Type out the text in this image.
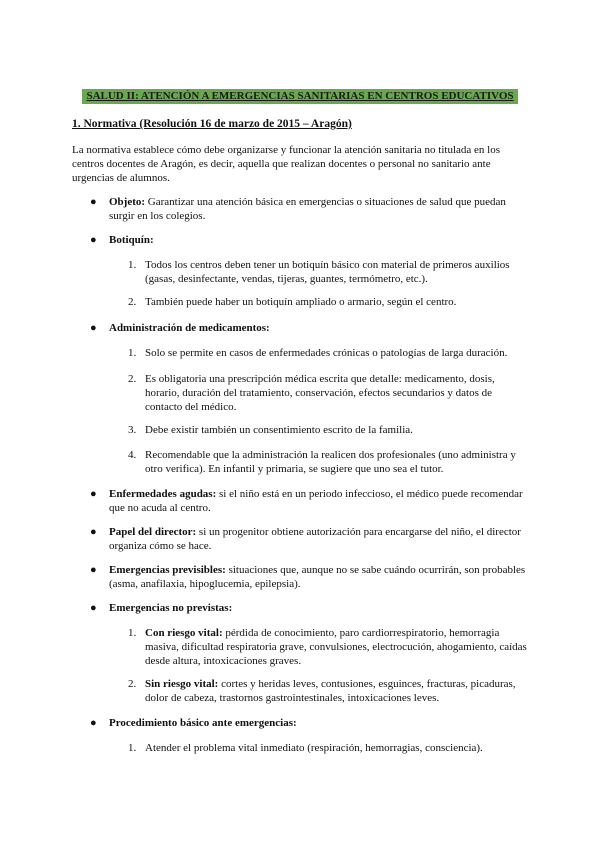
SALUD II: ATENCIÓN A EMERGENCIAS SANITARIAS EN CENTROS EDUCATIVOS
1. Normativa (Resolución 16 de marzo de 2015 – Aragón)
La normativa establece cómo debe organizarse y funcionar la atención sanitaria no titulada en los centros docentes de Aragón, es decir, aquella que realizan docentes o personal no sanitario ante urgencias de alumnos.
● Objeto: Garantizar una atención básica en emergencias o situaciones de salud que puedan surgir en los colegios.
● Botiquín:
1. Todos los centros deben tener un botiquín básico con material de primeros auxilios (gasas, desinfectante, vendas, tijeras, guantes, termómetro, etc.).
2. También puede haber un botiquín ampliado o armario, según el centro.
● Administración de medicamentos:
1. Solo se permite en casos de enfermedades crónicas o patologías de larga duración.
2. Es obligatoria una prescripción médica escrita que detalle: medicamento, dosis, horario, duración del tratamiento, conservación, efectos secundarios y datos de contacto del médico.
3. Debe existir también un consentimiento escrito de la familia.
4. Recomendable que la administración la realicen dos profesionales (uno administra y otro verifica). En infantil y primaria, se sugiere que uno sea el tutor.
● Enfermedades agudas: si el niño está en un periodo infeccioso, el médico puede recomendar que no acuda al centro.
● Papel del director: si un progenitor obtiene autorización para encargarse del niño, el director organiza cómo se hace.
● Emergencias previsibles: situaciones que, aunque no se sabe cuándo ocurrirán, son probables (asma, anafilaxia, hipoglucemia, epilepsia).
● Emergencias no previstas:
1. Con riesgo vital: pérdida de conocimiento, paro cardiorrespiratorio, hemorragia masiva, dificultad respiratoria grave, convulsiones, electrocución, ahogamiento, caídas desde altura, intoxicaciones graves.
2. Sin riesgo vital: cortes y heridas leves, contusiones, esguinces, fracturas, picaduras, dolor de cabeza, trastornos gastrointestinales, intoxicaciones leves.
● Procedimiento básico ante emergencias:
1. Atender el problema vital inmediato (respiración, hemorragias, consciencia).
